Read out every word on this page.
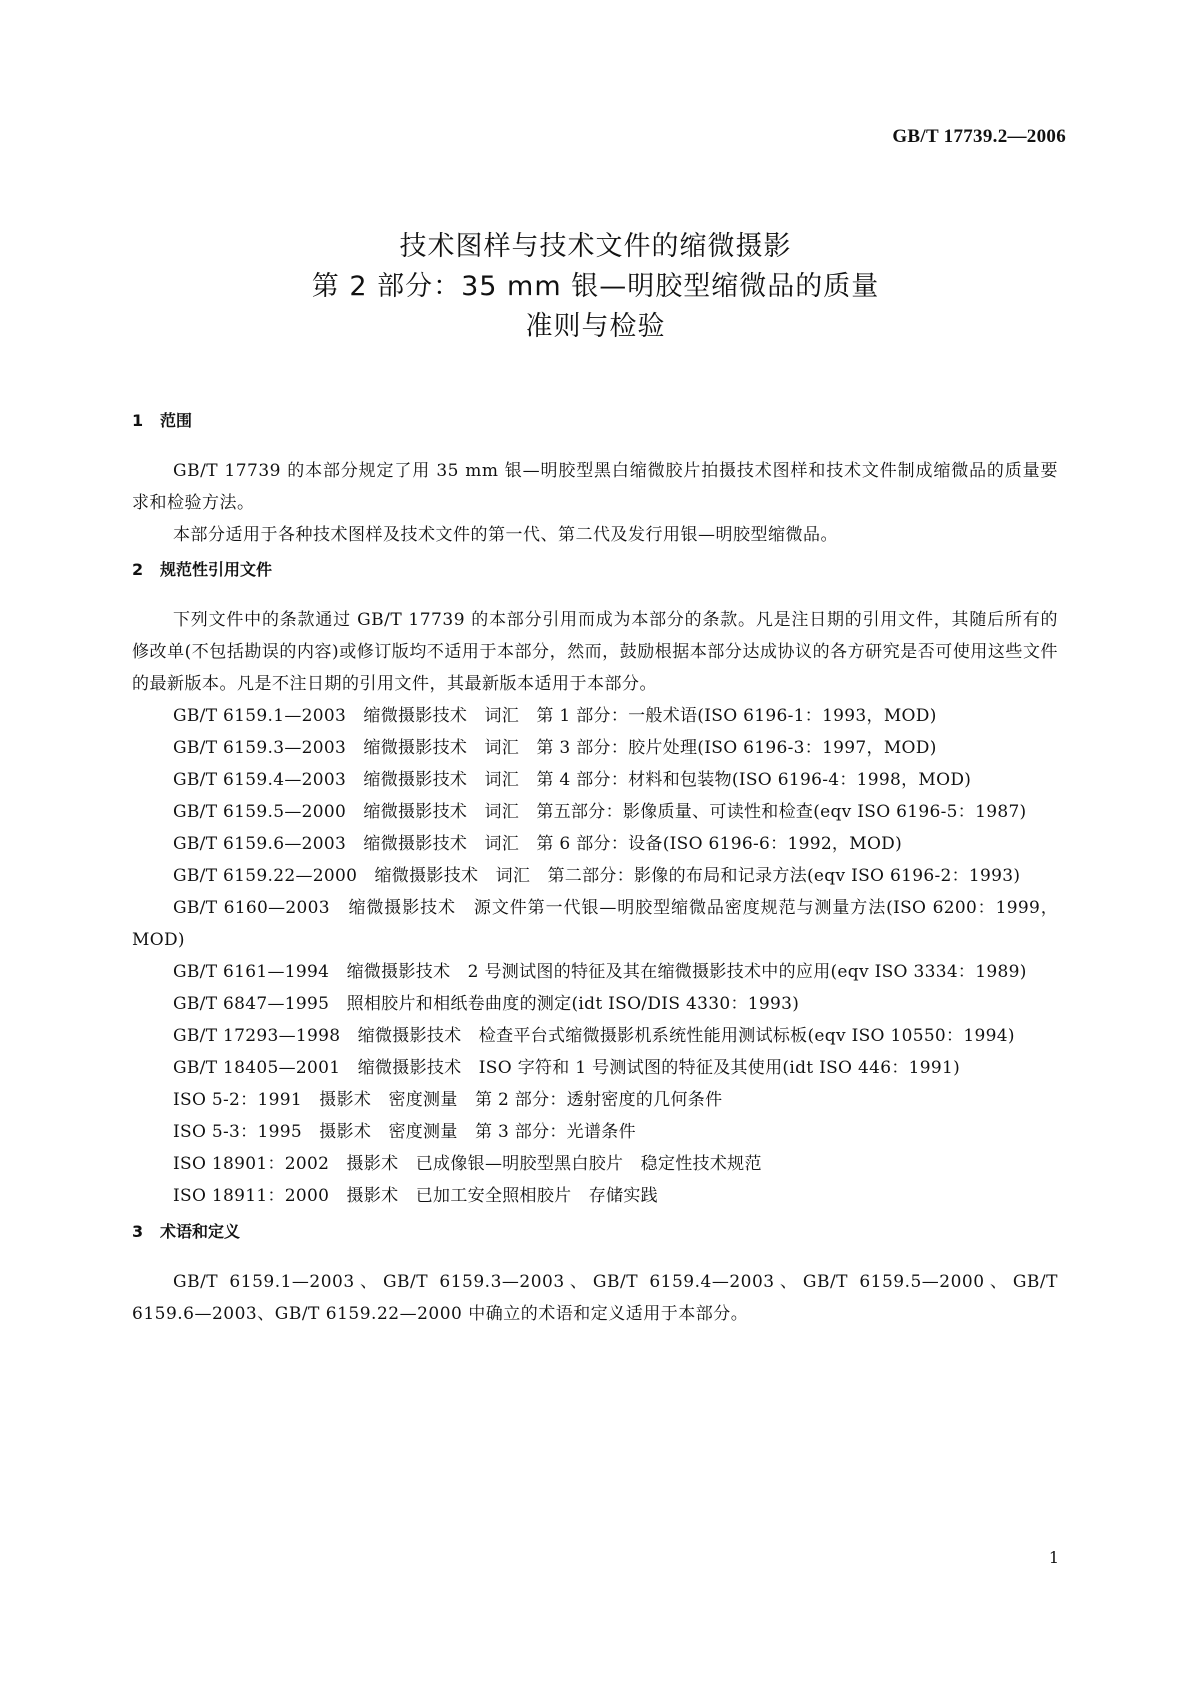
GB/T 17739.2—2006

技术图样与技术文件的缩微摄影
第 2 部分：35 mm 银—明胶型缩微品的质量
准则与检验
1 范围

GB/T 17739 的本部分规定了用 35 mm 银—明胶型黑白缩微胶片拍摄技术图样和技术文件制成缩微品的质量要求和检验方法。

本部分适用于各种技术图样及技术文件的第一代、第二代及发行用银—明胶型缩微品。

2 规范性引用文件

下列文件中的条款通过 GB/T 17739 的本部分引用而成为本部分的条款。凡是注日期的引用文件，其随后所有的修改单(不包括勘误的内容)或修订版均不适用于本部分，然而，鼓励根据本部分达成协议的各方研究是否可使用这些文件的最新版本。凡是不注日期的引用文件，其最新版本适用于本部分。

GB/T 6159.1—2003　缩微摄影技术　词汇　第 1 部分：一般术语(ISO 6196-1：1993，MOD)
GB/T 6159.3—2003　缩微摄影技术　词汇　第 3 部分：胶片处理(ISO 6196-3：1997，MOD)
GB/T 6159.4—2003　缩微摄影技术　词汇　第 4 部分：材料和包装物(ISO 6196-4：1998，MOD)
GB/T 6159.5—2000　缩微摄影技术　词汇　第五部分：影像质量、可读性和检查(eqv ISO 6196-5：1987)
GB/T 6159.6—2003　缩微摄影技术　词汇　第 6 部分：设备(ISO 6196-6：1992，MOD)
GB/T 6159.22—2000　缩微摄影技术　词汇　第二部分：影像的布局和记录方法(eqv ISO 6196-2：1993)
GB/T 6160—2003　缩微摄影技术　源文件第一代银—明胶型缩微品密度规范与测量方法(ISO 6200：1999，MOD)
GB/T 6161—1994　缩微摄影技术　2 号测试图的特征及其在缩微摄影技术中的应用(eqv ISO 3334：1989)
GB/T 6847—1995　照相胶片和相纸卷曲度的测定(idt ISO/DIS 4330：1993)
GB/T 17293—1998　缩微摄影技术　检查平台式缩微摄影机系统性能用测试标板(eqv ISO 10550：1994)
GB/T 18405—2001　缩微摄影技术　ISO 字符和 1 号测试图的特征及其使用(idt ISO 446：1991)
ISO 5-2：1991　摄影术　密度测量　第 2 部分：透射密度的几何条件
ISO 5-3：1995　摄影术　密度测量　第 3 部分：光谱条件
ISO 18901：2002　摄影术　已成像银—明胶型黑白胶片　稳定性技术规范
ISO 18911：2000　摄影术　已加工安全照相胶片　存储实践
3 术语和定义

GB/T 6159.1—2003、GB/T 6159.3—2003、GB/T 6159.4—2003、GB/T 6159.5—2000、GB/T 6159.6—2003、GB/T 6159.22—2000 中确立的术语和定义适用于本部分。

1
